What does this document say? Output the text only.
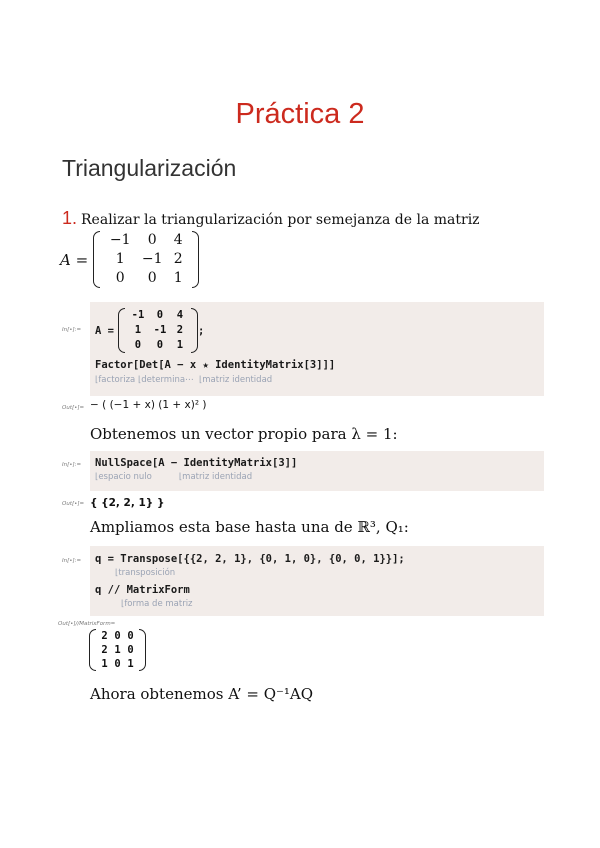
Práctica 2
Triangularización
1. Realizar la triangularización por semejanza de la matriz
A =
−1	0	4
1	−1 2
0	0	1
In[•]:= A =
-1	0	4
1	-1	2
0	0	1
;
Factor[Det[A − x ★ IdentityMatrix[3]]]
⌊factoriza ⌊determina⋯  ⌊matriz identidad
Out[•]= − ( (−1 + x) (1 + x)² )
Obtenemos un vector propio para λ = 1:
In[•]:= NullSpace[A − IdentityMatrix[3]]
⌊espacio nulo          ⌊matriz identidad
Out[•]= { {2, 2, 1} }
Ampliamos esta base hasta una de ℝ³, Q₁:
In[•]:= q = Transpose[{{2, 2, 1}, {0, 1, 0}, {0, 0, 1}}];
⌊transposición
q // MatrixForm
⌊forma de matriz
Out[•]//MatrixForm=
2 0 0
2 1 0
1 0 1
Ahora obtenemos A’ = Q⁻¹AQ
